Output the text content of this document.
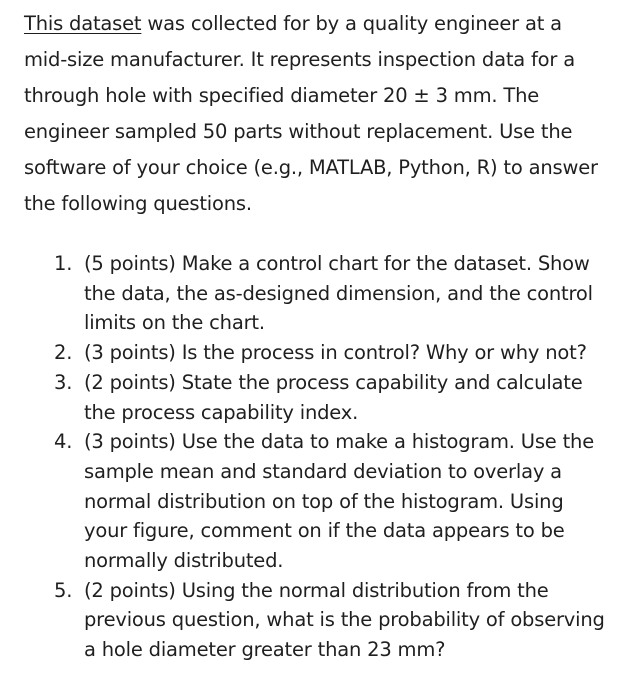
This dataset was collected for by a quality engineer at a mid-size manufacturer. It represents inspection data for a through hole with specified diameter 20 ± 3 mm. The engineer sampled 50 parts without replacement. Use the software of your choice (e.g., MATLAB, Python, R) to answer the following questions.

1. (5 points) Make a control chart for the dataset. Show the data, the as-designed dimension, and the control limits on the chart.
2. (3 points) Is the process in control? Why or why not?
3. (2 points) State the process capability and calculate the process capability index.
4. (3 points) Use the data to make a histogram. Use the sample mean and standard deviation to overlay a normal distribution on top of the histogram. Using your figure, comment on if the data appears to be normally distributed.
5. (2 points) Using the normal distribution from the previous question, what is the probability of observing a hole diameter greater than 23 mm?
